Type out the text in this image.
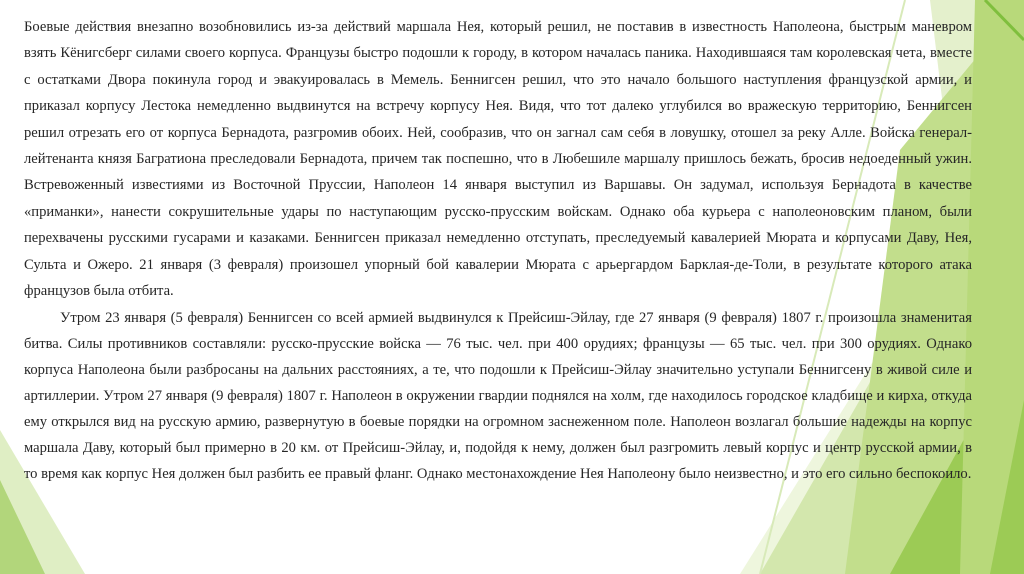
Боевые действия внезапно возобновились из-за действий маршала Нея, который решил, не поставив в известность Наполеона, быстрым маневром взять Кёнигсберг силами своего корпуса. Французы быстро подошли к городу, в котором началась паника. Находившаяся там королевская чета, вместе с остатками Двора покинула город и эвакуировалась в Мемель. Беннигсен решил, что это начало большого наступления французской армии, и приказал корпусу Лестока немедленно выдвинутся на встречу корпусу Нея. Видя, что тот далеко углубился во вражескую территорию, Беннигсен решил отрезать его от корпуса Бернадота, разгромив обоих. Ней, сообразив, что он загнал сам себя в ловушку, отошел за реку Алле. Войска генерал-лейтенанта князя Багратиона преследовали Бернадота, причем так поспешно, что в Любешиле маршалу пришлось бежать, бросив недоеденный ужин. Встревоженный известиями из Восточной Пруссии, Наполеон 14 января выступил из Варшавы. Он задумал, используя Бернадота в качестве «приманки», нанести сокрушительные удары по наступающим русско-прусским войскам. Однако оба курьера с наполеоновским планом, были перехвачены русскими гусарами и казаками. Беннигсен приказал немедленно отступать, преследуемый кавалерией Мюрата и корпусами Даву, Нея, Сульта и Ожеро. 21 января (3 февраля) произошел упорный бой кавалерии Мюрата с арьергардом Барклая-де-Толи, в результате которого атака французов была отбита.

Утром 23 января (5 февраля) Беннигсен со всей армией выдвинулся к Прейсиш-Эйлау, где 27 января (9 февраля) 1807 г. произошла знаменитая битва. Силы противников составляли: русско-прусские войска — 76 тыс. чел. при 400 орудиях; французы — 65 тыс. чел. при 300 орудиях. Однако корпуса Наполеона были разбросаны на дальних расстояниях, а те, что подошли к Прейсиш-Эйлау значительно уступали Беннигсену в живой силе и артиллерии. Утром 27 января (9 февраля) 1807 г. Наполеон в окружении гвардии поднялся на холм, где находилось городское кладбище и кирха, откуда ему открылся вид на русскую армию, развернутую в боевые порядки на огромном заснеженном поле. Наполеон возлагал большие надежды на корпус маршала Даву, который был примерно в 20 км. от Прейсиш-Эйлау, и, подойдя к нему, должен был разгромить левый корпус и центр русской армии, в то время как корпус Нея должен был разбить ее правый фланг. Однако местонахождение Нея Наполеону было неизвестно, и это его сильно беспокоило.
